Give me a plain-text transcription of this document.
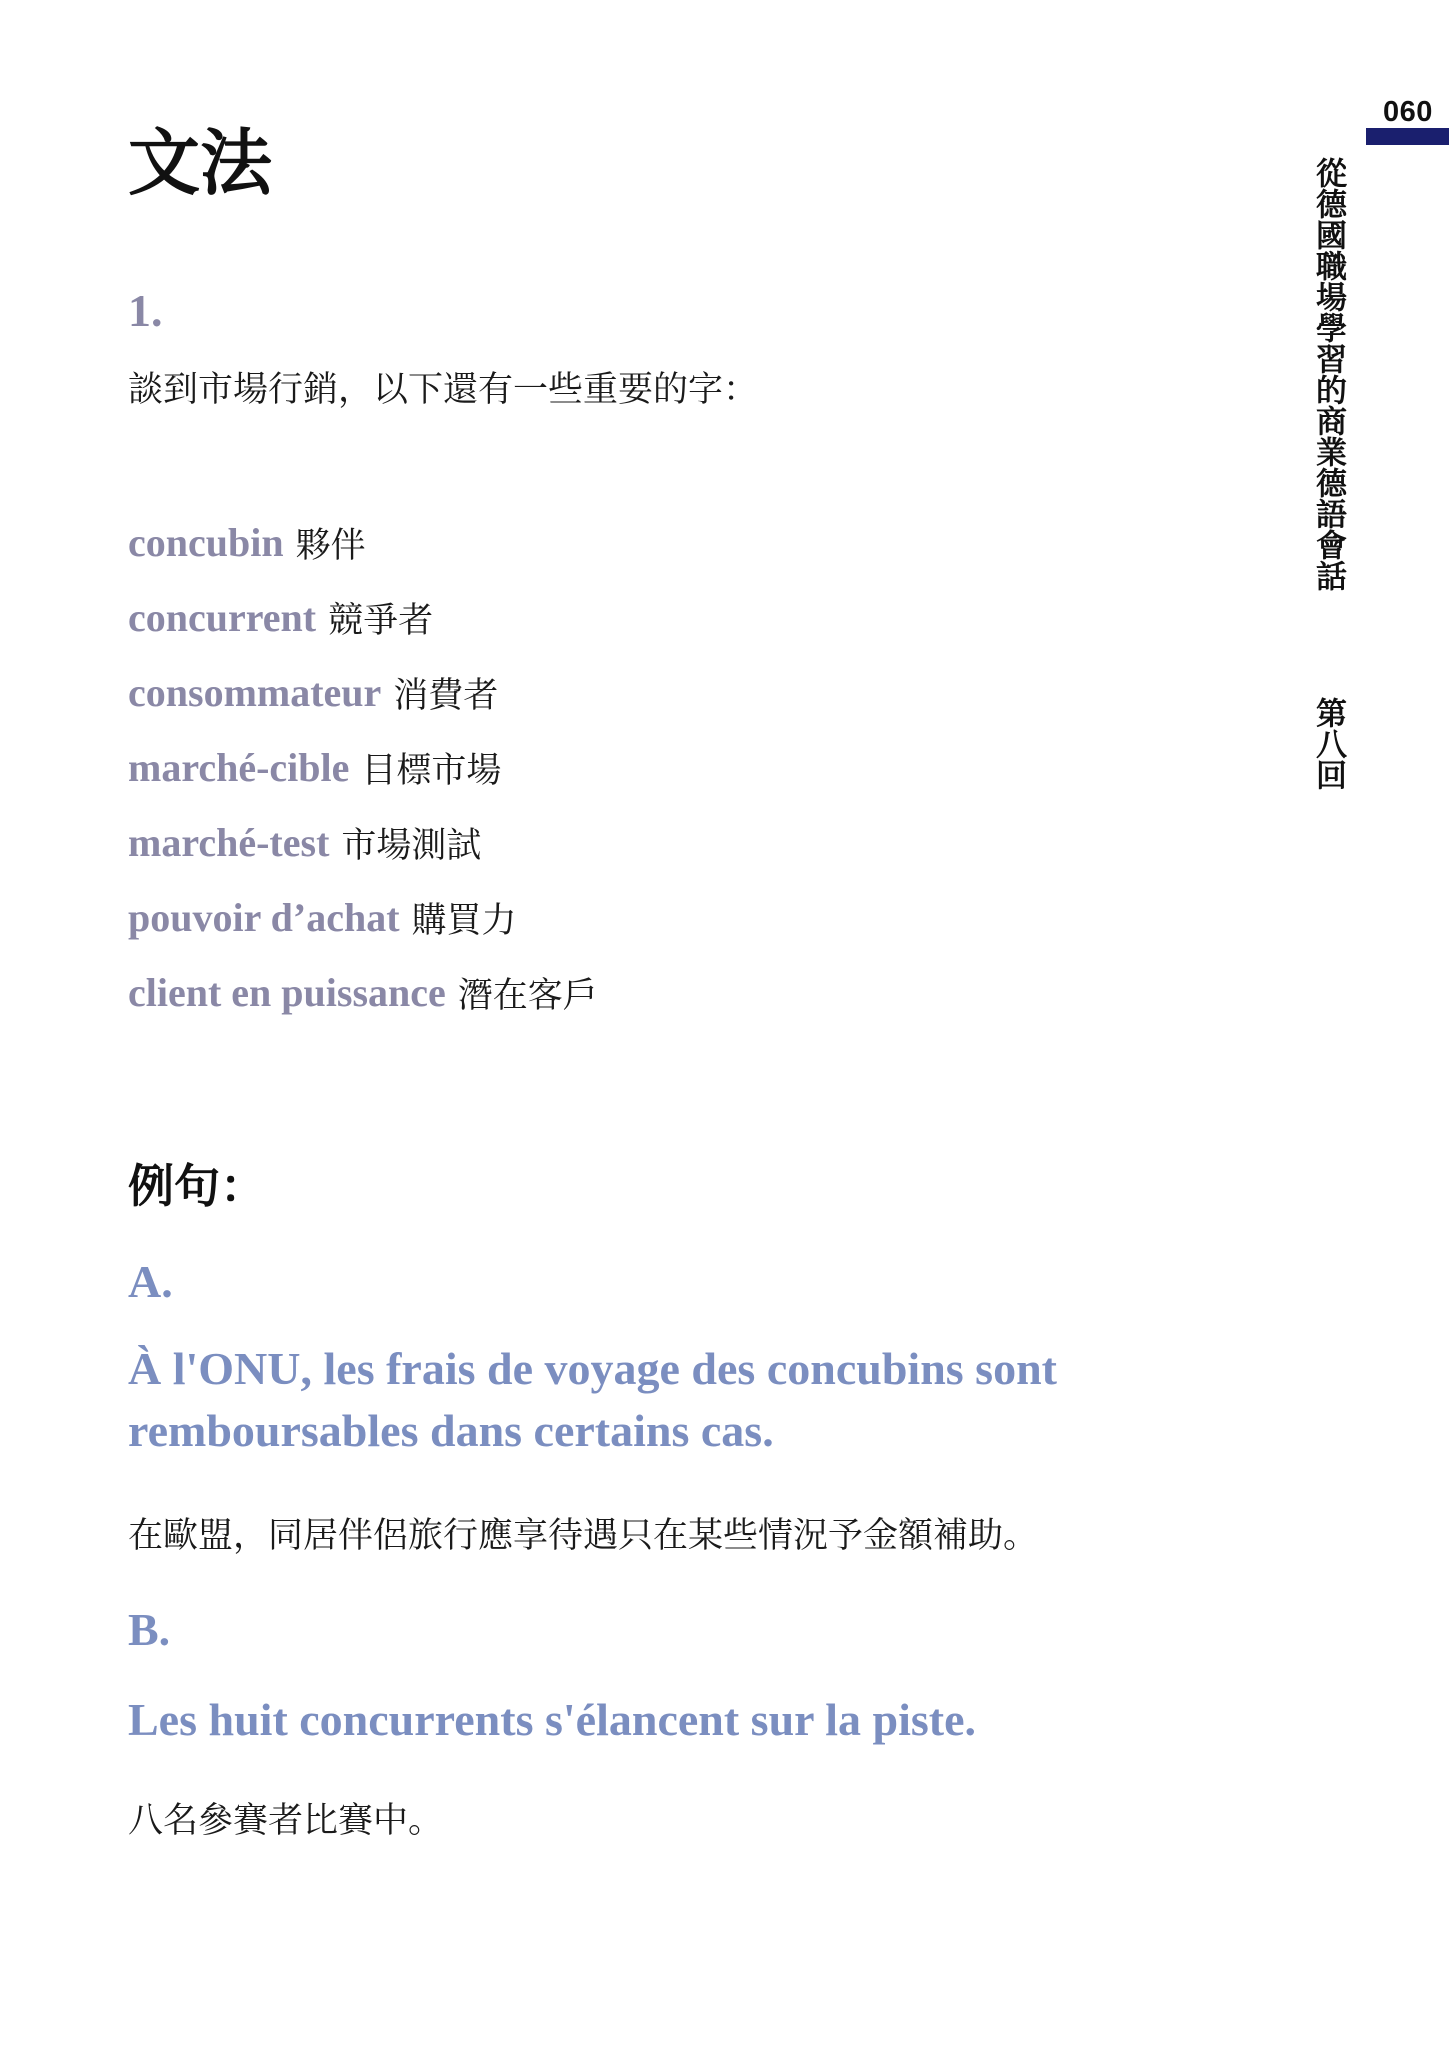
060
從德國職場學習的商業德語會話
第八回
文法
1.
談到市場行銷，以下還有一些重要的字：
concubin 夥伴
concurrent 競爭者
consommateur 消費者
marché-cible 目標市場
marché-test 市場測試
pouvoir d’achat 購買力
client en puissance 潛在客戶
例句：
A.
À l'ONU, les frais de voyage des concubins sont remboursables dans certains cas.
在歐盟，同居伴侶旅行應享待遇只在某些情況予金額補助。
B.
Les huit concurrents s'élancent sur la piste.
八名參賽者比賽中。
